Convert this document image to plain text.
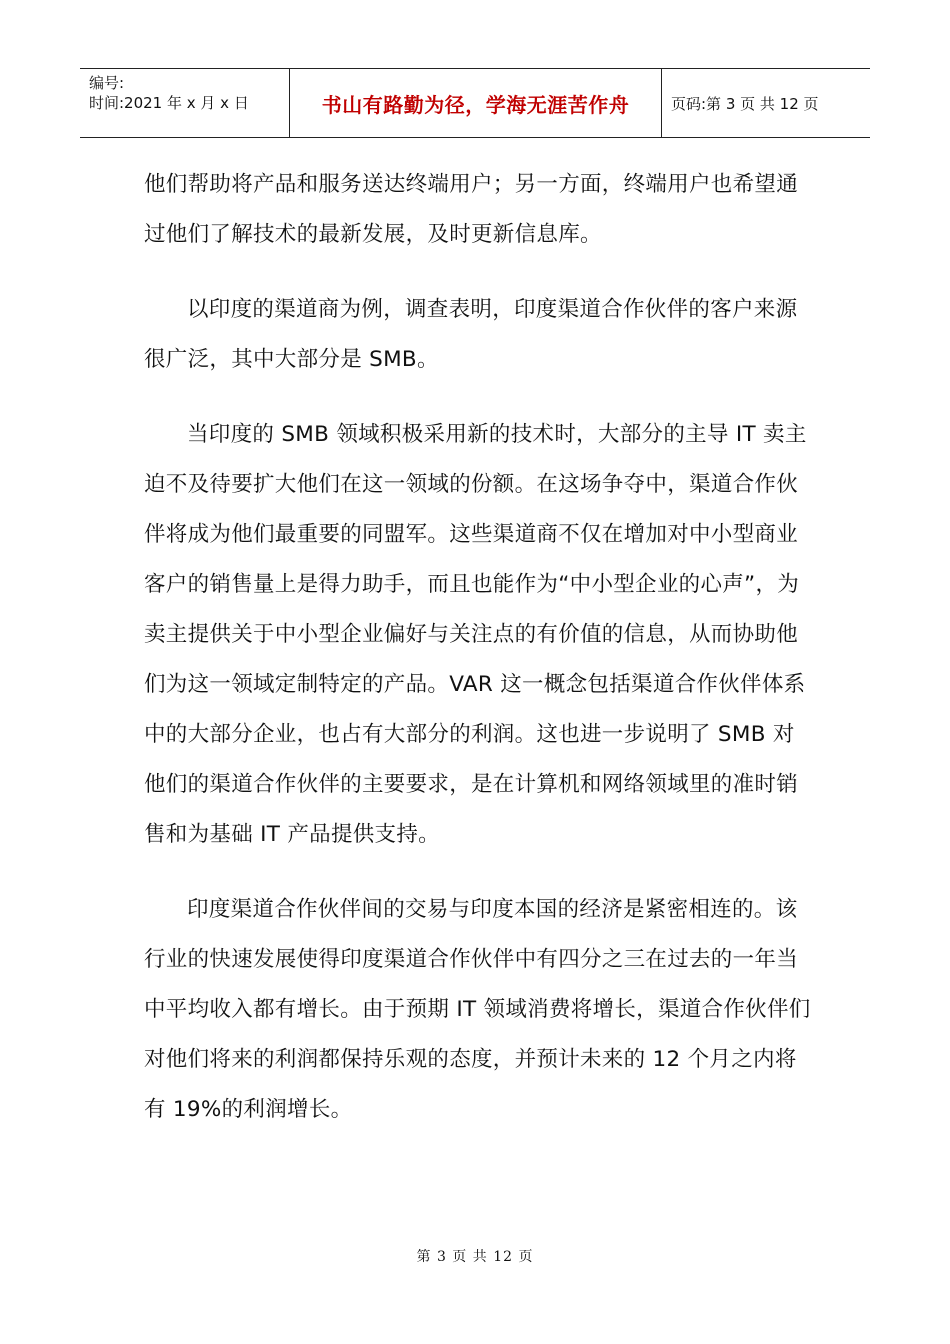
编号:
时间:2021 年 x 月 x 日	书山有路勤为径，学海无涯苦作舟	页码:第 3 页 共 12 页

他们帮助将产品和服务送达终端用户；另一方面，终端用户也希望通过他们了解技术的最新发展，及时更新信息库。

以印度的渠道商为例，调查表明，印度渠道合作伙伴的客户来源很广泛，其中大部分是 SMB。

当印度的 SMB 领域积极采用新的技术时，大部分的主导 IT 卖主迫不及待要扩大他们在这一领域的份额。在这场争夺中，渠道合作伙伴将成为他们最重要的同盟军。这些渠道商不仅在增加对中小型商业客户的销售量上是得力助手，而且也能作为“中小型企业的心声”，为卖主提供关于中小型企业偏好与关注点的有价值的信息，从而协助他们为这一领域定制特定的产品。VAR 这一概念包括渠道合作伙伴体系中的大部分企业，也占有大部分的利润。这也进一步说明了 SMB 对他们的渠道合作伙伴的主要要求，是在计算机和网络领域里的准时销售和为基础 IT 产品提供支持。

印度渠道合作伙伴间的交易与印度本国的经济是紧密相连的。该行业的快速发展使得印度渠道合作伙伴中有四分之三在过去的一年当中平均收入都有增长。由于预期 IT 领域消费将增长，渠道合作伙伴们对他们将来的利润都保持乐观的态度，并预计未来的 12 个月之内将有 19%的利润增长。

第 3 页 共 12 页
